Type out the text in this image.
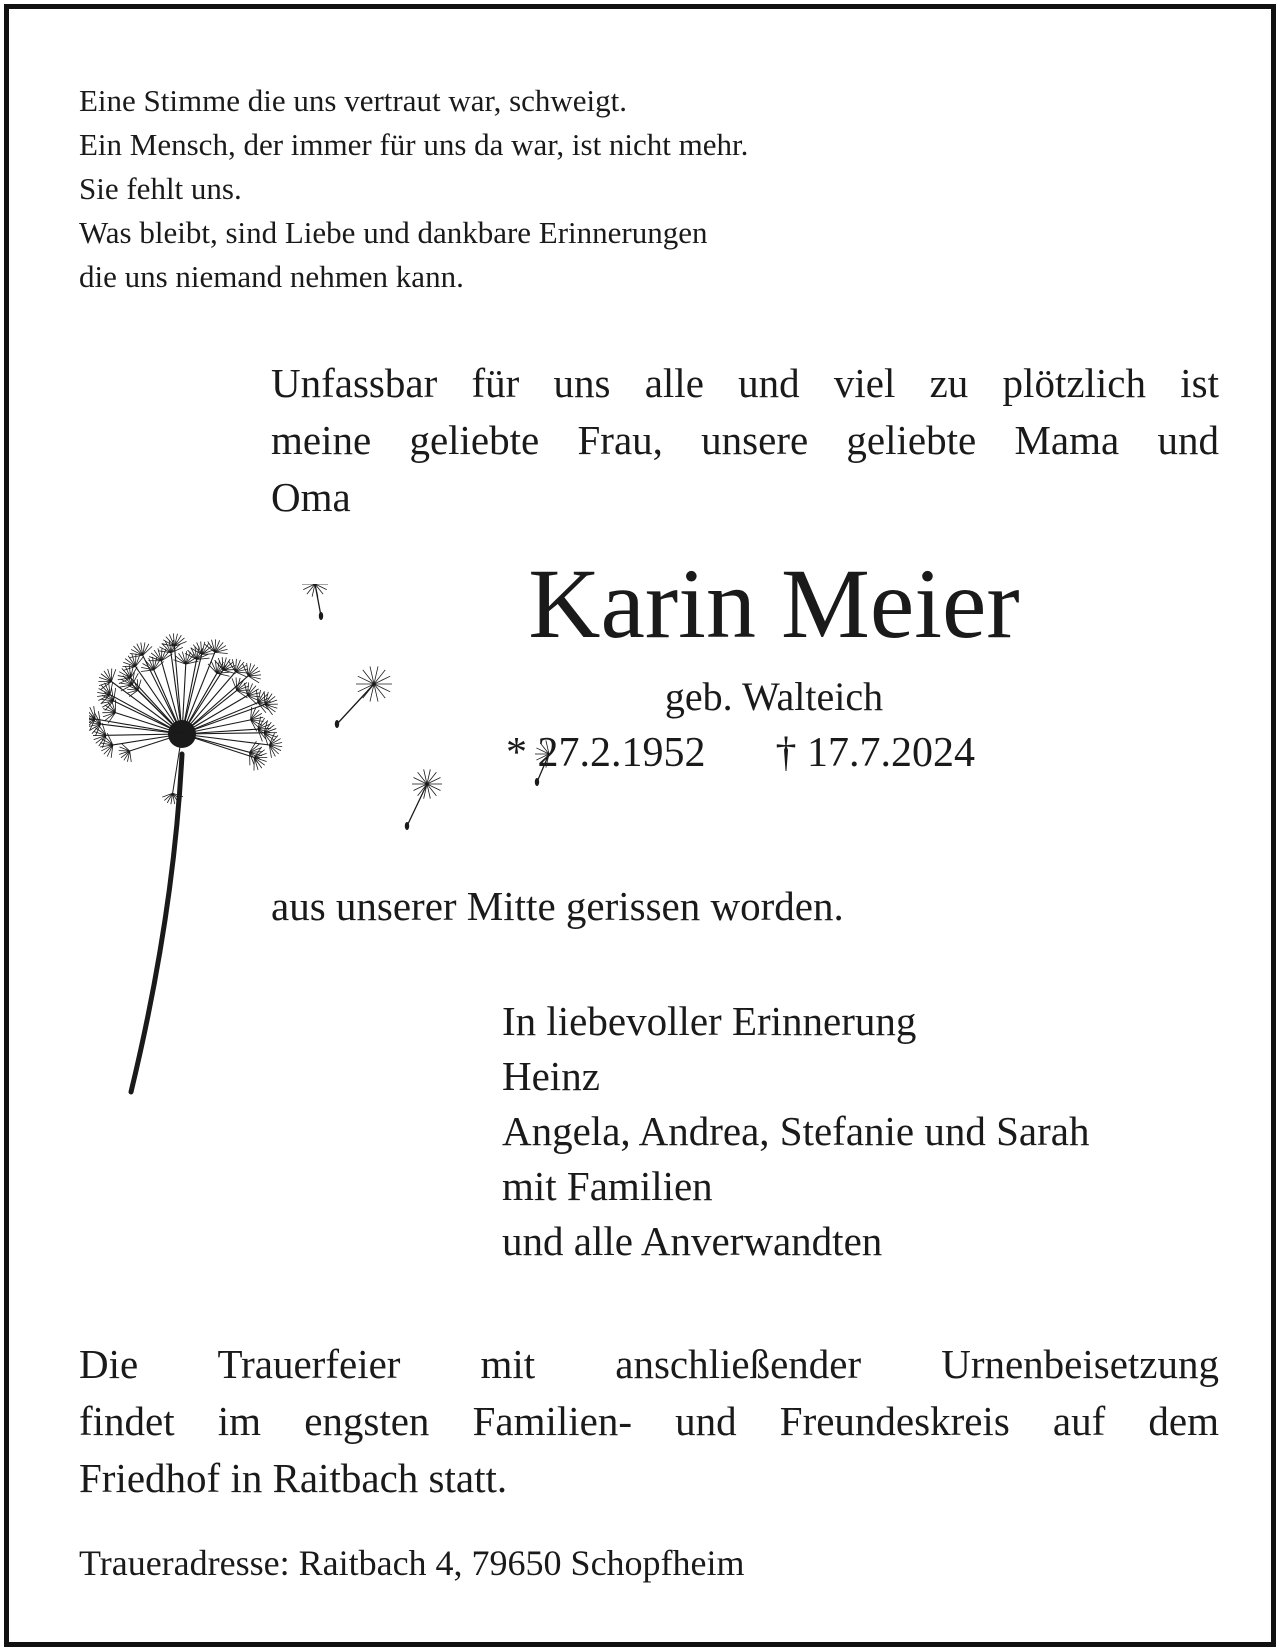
Eine Stimme die uns vertraut war, schweigt.
Ein Mensch, der immer für uns da war, ist nicht mehr.
Sie fehlt uns.
Was bleibt, sind Liebe und dankbare Erinnerungen
die uns niemand nehmen kann.
Unfassbar für uns alle und viel zu plötzlich ist
meine geliebte Frau, unsere geliebte Mama und
Oma
Karin Meier
geb. Walteich
* 27.2.1952 † 17.7.2024
aus unserer Mitte gerissen worden.
In liebevoller Erinnerung
Heinz
Angela, Andrea, Stefanie und Sarah
mit Familien
und alle Anverwandten
Die Trauerfeier mit anschließender Urnenbeisetzung
findet im engsten Familien- und Freundeskreis auf dem
Friedhof in Raitbach statt.
Traueradresse: Raitbach 4, 79650 Schopfheim
